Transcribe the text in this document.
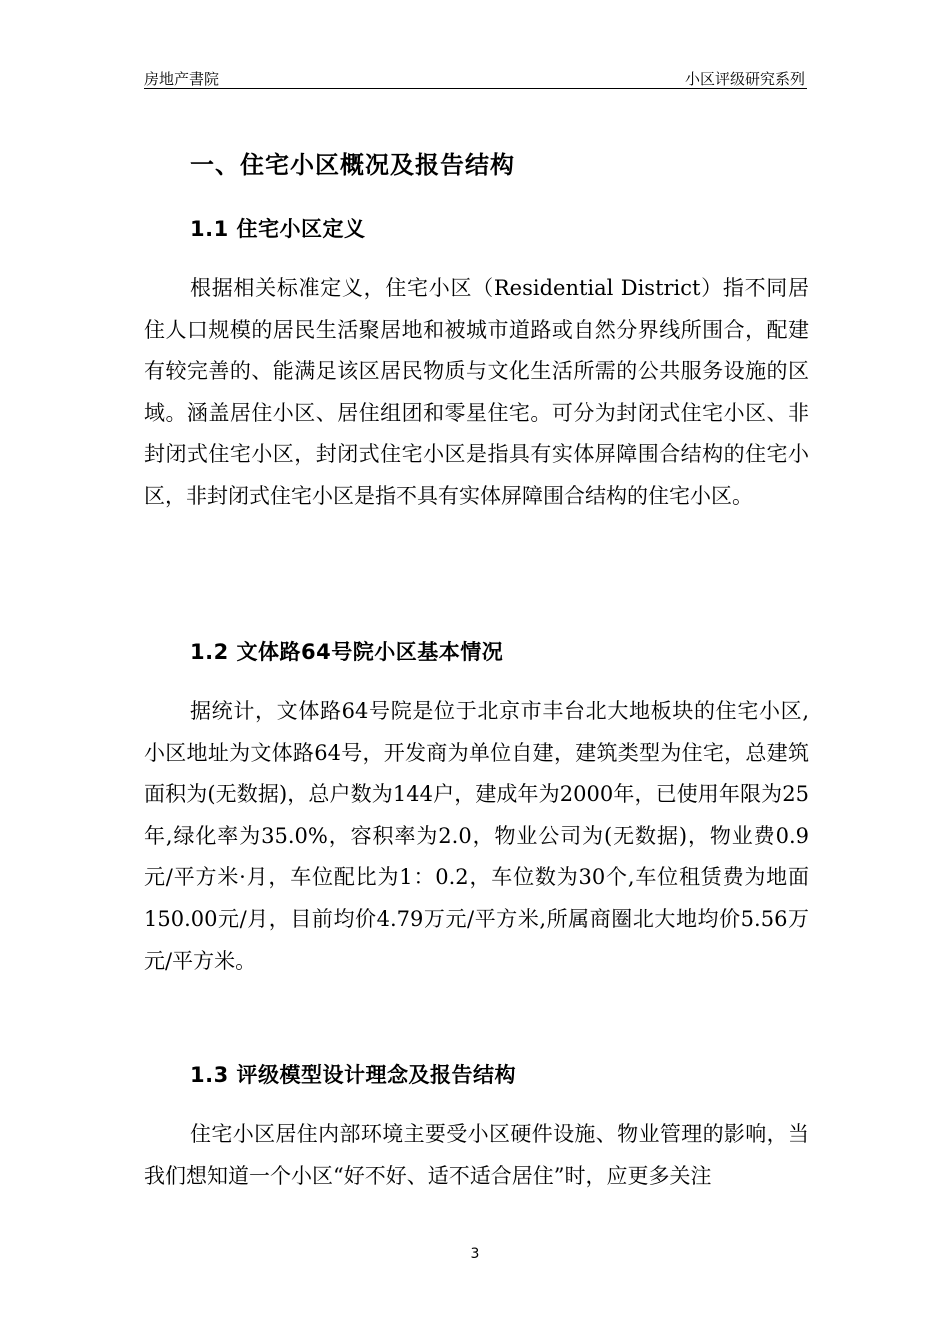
房地产書院	小区评级研究系列
一、住宅小区概况及报告结构
1.1 住宅小区定义

根据相关标准定义，住宅小区（Residential District）指不同居住人口规模的居民生活聚居地和被城市道路或自然分界线所围合，配建有较完善的、能满足该区居民物质与文化生活所需的公共服务设施的区域。涵盖居住小区、居住组团和零星住宅。可分为封闭式住宅小区、非封闭式住宅小区，封闭式住宅小区是指具有实体屏障围合结构的住宅小区，非封闭式住宅小区是指不具有实体屏障围合结构的住宅小区。

1.2 文体路64号院小区基本情况

据统计，文体路64号院是位于北京市丰台北大地板块的住宅小区,小区地址为文体路64号，开发商为单位自建，建筑类型为住宅，总建筑面积为(无数据)，总户数为144户，建成年为2000年，已使用年限为25年,绿化率为35.0%，容积率为2.0，物业公司为(无数据)，物业费0.9元/平方米·月，车位配比为1：0.2，车位数为30个,车位租赁费为地面150.00元/月，目前均价4.79万元/平方米,所属商圈北大地均价5.56万元/平方米。

1.3 评级模型设计理念及报告结构

住宅小区居住内部环境主要受小区硬件设施、物业管理的影响，当我们想知道一个小区“好不好、适不适合居住”时，应更多关注

3
